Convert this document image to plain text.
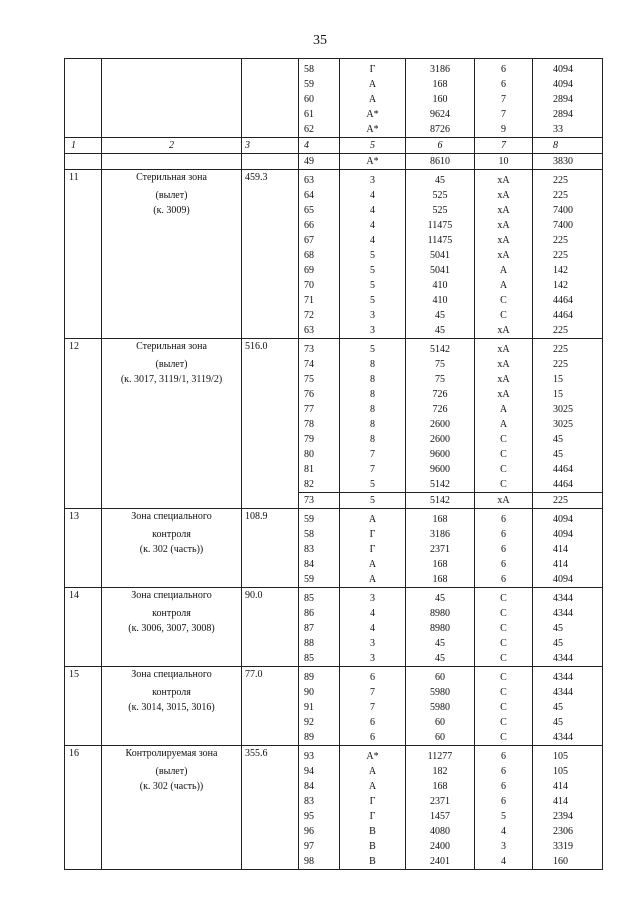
35
			58	Г	3186	6	4094
			59	А	168	6	4094
			60	А	160	7	2894
			61	А*	9624	7	2894
			62	А*	8726	9	33
1	2	3	4	5	6	7	8
			49	А*	8610	10	3830
11	Стерильная зона	459.3	63	3	45	хА	225
	(вылет)		64	4	525	хА	225
	(к. 3009)		65	4	525	хА	7400
			66	4	11475	хА	7400
			67	4	11475	хА	225
			68	5	5041	хА	225
			69	5	5041	А	142
			70	5	410	А	142
			71	5	410	С	4464
			72	3	45	С	4464
			63	3	45	хА	225
12	Стерильная зона	516.0	73	5	5142	хА	225
	(вылет)		74	8	75	хА	225
	(к. 3017, 3119/1, 3119/2)		75	8	75	хА	15
			76	8	726	хА	15
			77	8	726	А	3025
			78	8	2600	А	3025
			79	8	2600	С	45
			80	7	9600	С	45
			81	7	9600	С	4464
			82	5	5142	С	4464
			73	5	5142	хА	225
13	Зона специального	108.9	59	А	168	6	4094
	контроля		58	Г	3186	6	4094
	(к. 302 (часть))		83	Г	2371	6	414
			84	А	168	6	414
			59	А	168	6	4094
14	Зона специального	90.0	85	3	45	С	4344
	контроля		86	4	8980	С	4344
	(к. 3006, 3007, 3008)		87	4	8980	С	45
			88	3	45	С	45
			85	3	45	С	4344
15	Зона специального	77.0	89	6	60	С	4344
	контроля		90	7	5980	С	4344
	(к. 3014, 3015, 3016)		91	7	5980	С	45
			92	6	60	С	45
			89	6	60	С	4344
16	Контролируемая зона	355.6	93	А*	11277	6	105
	(вылет)		94	А	182	6	105
	(к. 302 (часть))		84	А	168	6	414
			83	Г	2371	6	414
			95	Г	1457	5	2394
			96	В	4080	4	2306
			97	В	2400	3	3319
			98	В	2401	4	160
